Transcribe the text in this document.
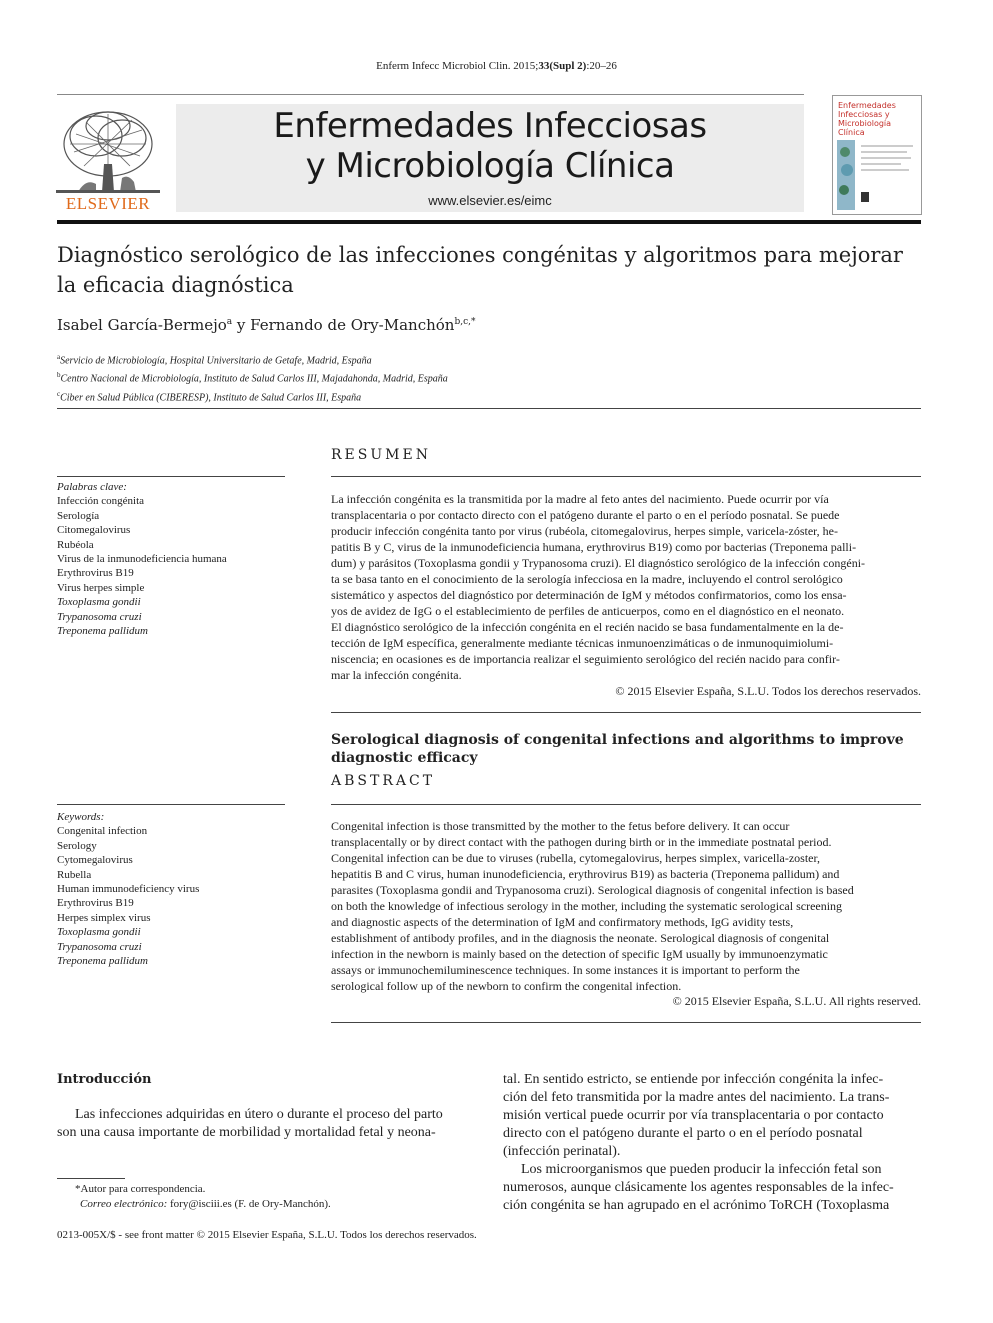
Enferm Infecc Microbiol Clin. 2015;33(Supl 2):20–26
ELSEVIER
Enfermedades Infecciosas
y Microbiología Clínica
www.elsevier.es/eimc
Enfermedades
Infecciosas y
Microbiología
Clínica
Diagnóstico serológico de las infecciones congénitas y algoritmos para mejorar la eficacia diagnóstica
Isabel García-Bermejo$^a$ y Fernando de Ory-Manchón$^{b,c,*}$
$^a$Servicio de Microbiología, Hospital Universitario de Getafe, Madrid, España
$^b$Centro Nacional de Microbiología, Instituto de Salud Carlos III, Majadahonda, Madrid, España
$^c$Ciber en Salud Pública (CIBERESP), Instituto de Salud Carlos III, España
RESUMEN
Palabras clave:
Infección congénita
Serología
Citomegalovirus
Rubéola
Virus de la inmunodeficiencia humana
Erythrovirus B19
Virus herpes simple
Toxoplasma gondii
Trypanosoma cruzi
Treponema pallidum
La infección congénita es la transmitida por la madre al feto antes del nacimiento. Puede ocurrir por vía
transplacentaria o por contacto directo con el patógeno durante el parto o en el período posnatal. Se puede
producir infección congénita tanto por virus (rubéola, citomegalovirus, herpes simple, varicela-zóster, he-
patitis B y C, virus de la inmunodeficiencia humana, erythrovirus B19) como por bacterias (Treponema palli-
dum) y parásitos (Toxoplasma gondii y Trypanosoma cruzi). El diagnóstico serológico de la infección congéni-
ta se basa tanto en el conocimiento de la serología infecciosa en la madre, incluyendo el control serológico
sistemático y aspectos del diagnóstico por determinación de IgM y métodos confirmatorios, como los ensa-
yos de avidez de IgG o el establecimiento de perfiles de anticuerpos, como en el diagnóstico en el neonato.
El diagnóstico serológico de la infección congénita en el recién nacido se basa fundamentalmente en la de-
tección de IgM específica, generalmente mediante técnicas inmunoenzimáticas o de inmunoquimiolumi-
niscencia; en ocasiones es de importancia realizar el seguimiento serológico del recién nacido para confir-
mar la infección congénita.
© 2015 Elsevier España, S.L.U. Todos los derechos reservados.
Serological diagnosis of congenital infections and algorithms to improve diagnostic efficacy
ABSTRACT
Keywords:
Congenital infection
Serology
Cytomegalovirus
Rubella
Human immunodeficiency virus
Erythrovirus B19
Herpes simplex virus
Toxoplasma gondii
Trypanosoma cruzi
Treponema pallidum
Congenital infection is those transmitted by the mother to the fetus before delivery. It can occur
transplacentally or by direct contact with the pathogen during birth or in the immediate postnatal period.
Congenital infection can be due to viruses (rubella, cytomegalovirus, herpes simplex, varicella-zoster,
hepatitis B and C virus, human inunodeficiencia, erythrovirus B19) as bacteria (Treponema pallidum) and
parasites (Toxoplasma gondii and Trypanosoma cruzi). Serological diagnosis of congenital infection is based
on both the knowledge of infectious serology in the mother, including the systematic serological screening
and diagnostic aspects of the determination of IgM and confirmatory methods, IgG avidity tests,
establishment of antibody profiles, and in the diagnosis the neonate. Serological diagnosis of congenital
infection in the newborn is mainly based on the detection of specific IgM usually by immunoenzymatic
assays or immunochemiluminescence techniques. In some instances it is important to perform the
serological follow up of the newborn to confirm the congenital infection.
© 2015 Elsevier España, S.L.U. All rights reserved.
Introducción
Las infecciones adquiridas en útero o durante el proceso del parto
son una causa importante de morbilidad y mortalidad fetal y neona-
tal. En sentido estricto, se entiende por infección congénita la infec-
ción del feto transmitida por la madre antes del nacimiento. La trans-
misión vertical puede ocurrir por vía transplacentaria o por contacto
directo con el patógeno durante el parto o en el período posnatal
(infección perinatal).
Los microorganismos que pueden producir la infección fetal son
numerosos, aunque clásicamente los agentes responsables de la infec-
ción congénita se han agrupado en el acrónimo ToRCH (Toxoplasma
*Autor para correspondencia.
Correo electrónico: fory@isciii.es (F. de Ory-Manchón).
0213-005X/$ - see front matter © 2015 Elsevier España, S.L.U. Todos los derechos reservados.
